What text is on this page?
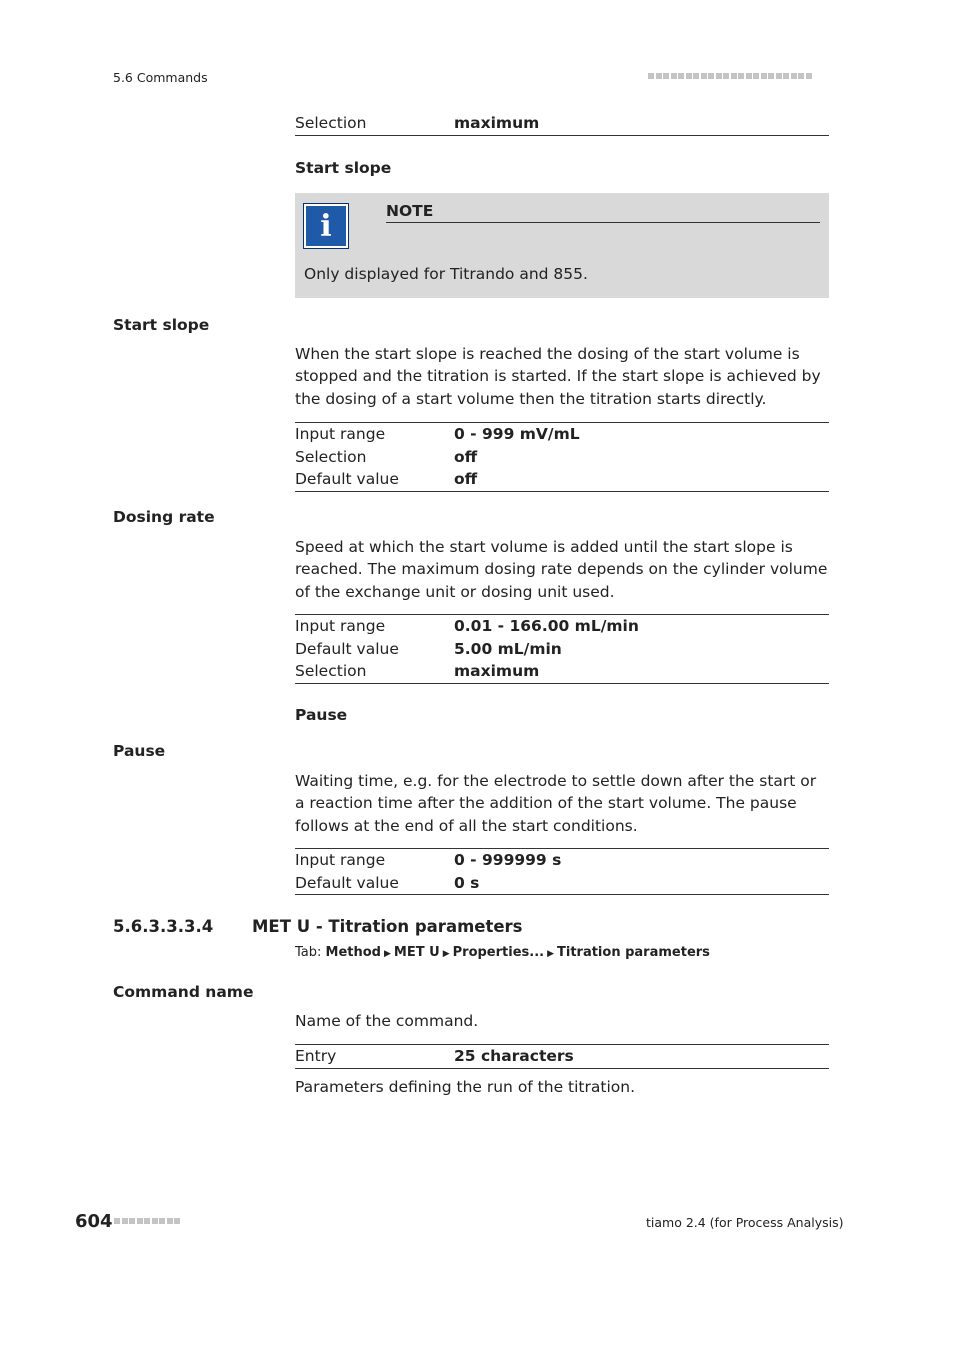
5.6 Commands
Selection	maximum
Start slope
i	NOTE
Only displayed for Titrando and 855.
Start slope
When the start slope is reached the dosing of the start volume is stopped and the titration is started. If the start slope is achieved by the dosing of a start volume then the titration starts directly.
Input range	0 - 999 mV/mL
Selection	off
Default value	off
Dosing rate
Speed at which the start volume is added until the start slope is reached. The maximum dosing rate depends on the cylinder volume of the exchange unit or dosing unit used.
Input range	0.01 - 166.00 mL/min
Default value	5.00 mL/min
Selection	maximum
Pause
Pause
Waiting time, e.g. for the electrode to settle down after the start or a reaction time after the addition of the start volume. The pause follows at the end of all the start conditions.
Input range	0 - 999999 s
Default value	0 s
5.6.3.3.3.4 MET U - Titration parameters
Tab: Method ▶ MET U ▶ Properties... ▶ Titration parameters
Command name
Name of the command.
Entry	25 characters
Parameters defining the run of the titration.
604	tiamo 2.4 (for Process Analysis)
